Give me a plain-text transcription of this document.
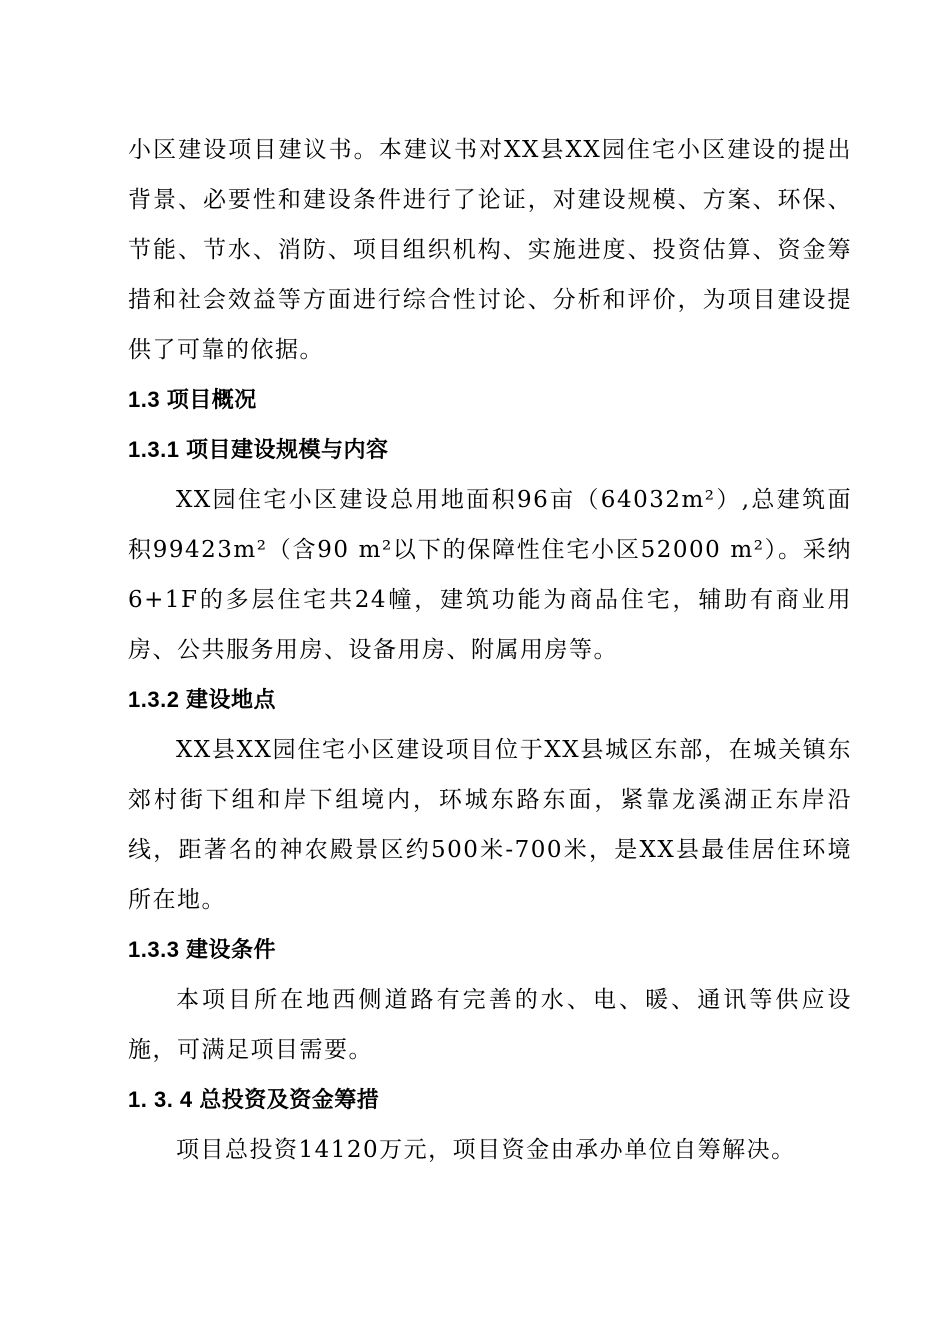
小区建设项目建议书。本建议书对XX县XX园住宅小区建设的提出背景、必要性和建设条件进行了论证，对建设规模、方案、环保、节能、节水、消防、项目组织机构、实施进度、投资估算、资金筹措和社会效益等方面进行综合性讨论、分析和评价，为项目建设提供了可靠的依据。

1.3 项目概况
1.3.1 项目建设规模与内容

XX园住宅小区建设总用地面积96亩（64032m²）,总建筑面积99423m²（含90 m²以下的保障性住宅小区52000 m²）。采纳6+1F的多层住宅共24幢，建筑功能为商品住宅，辅助有商业用房、公共服务用房、设备用房、附属用房等。

1.3.2 建设地点

XX县XX园住宅小区建设项目位于XX县城区东部，在城关镇东郊村街下组和岸下组境内，环城东路东面，紧靠龙溪湖正东岸沿线，距著名的神农殿景区约500米-700米，是XX县最佳居住环境所在地。

1.3.3 建设条件

本项目所在地西侧道路有完善的水、电、暖、通讯等供应设施，可满足项目需要。

1. 3. 4 总投资及资金筹措

项目总投资14120万元，项目资金由承办单位自筹解决。
